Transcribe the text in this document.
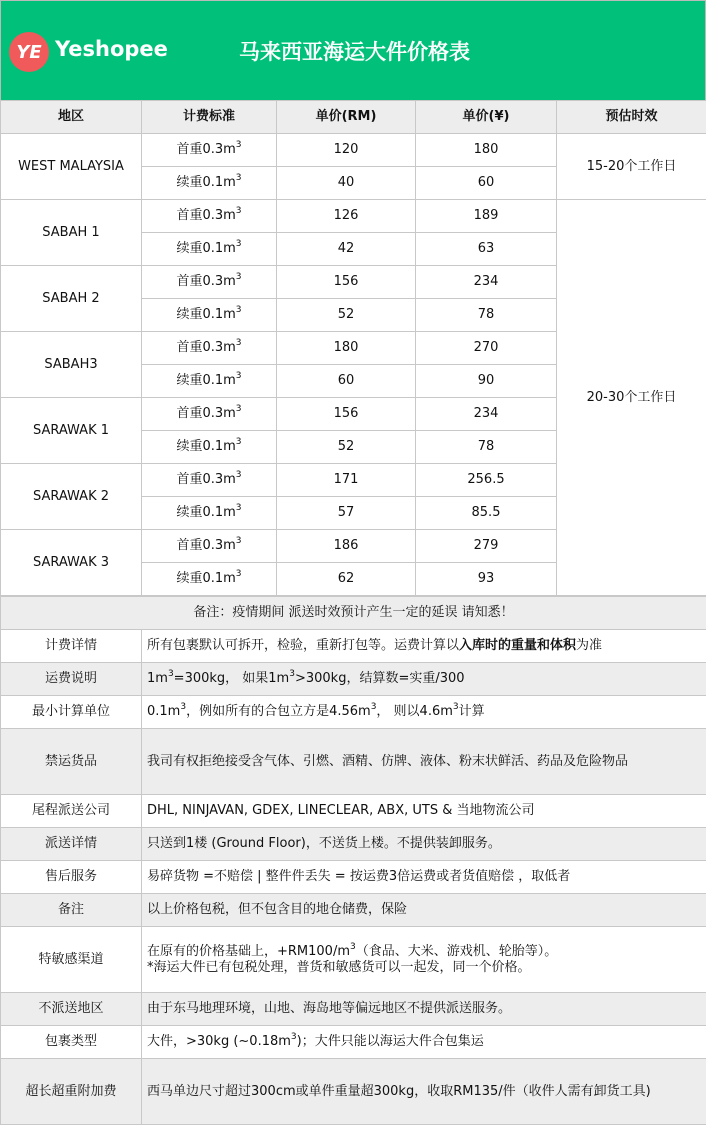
YE Yeshopee	马来西亚海运大件价格表
地区	计费标准	单价(RM)	单价(¥)	预估时效
WEST MALAYSIA	首重$0.3m^3$	120	180	15-20个工作日
	续重$0.1m^3$	40	60	
SABAH 1	首重$0.3m^3$	126	189	20-30个工作日
	续重$0.1m^3$	42	63	
SABAH 2	首重$0.3m^3$	156	234	
	续重$0.1m^3$	52	78	
SABAH3	首重$0.3m^3$	180	270	
	续重$0.1m^3$	60	90	
SARAWAK 1	首重$0.3m^3$	156	234	
	续重$0.1m^3$	52	78	
SARAWAK 2	首重$0.3m^3$	171	256.5	
	续重$0.1m^3$	57	85.5	
SARAWAK 3	首重$0.3m^3$	186	279	
	续重$0.1m^3$	62	93	
备注：疫情期间 派送时效预计产生一定的延误 请知悉！	
计费详情	所有包裹默认可拆开，检验，重新打包等。运费计算以入库时的重量和体积为准
运费说明	$1m^3=300kg$， 如果$1m^3>300kg$，结算数=实重/300
最小计算单位	$0.1m^3$，例如所有的合包立方是$4.56m^3$， 则以$4.6m^3$计算
禁运货品	我司有权拒绝接受含气体、引燃、酒精、仿牌、液体、粉末状鲜活、药品及危险物品
尾程派送公司	DHL, NINJAVAN, GDEX, LINECLEAR, ABX, UTS & 当地物流公司
派送详情	只送到1楼 (Ground Floor)，不送货上楼。不提供装卸服务。
售后服务	易碎货物 =不赔偿 | 整件件丢失 = 按运费3倍运费或者货值赔偿 ，取低者
备注	以上价格包税，但不包含目的地仓储费，保险
特敏感渠道	在原有的价格基础上，$+RM100/m^3$（食品、大米、游戏机、轮胎等）。
*海运大件已有包税处理，普货和敏感货可以一起发，同一个价格。
不派送地区	由于东马地理环境，山地、海岛地等偏远地区不提供派送服务。
包裹类型	大件，>30kg $(\sim 0.18m^3)$；大件只能以海运大件合包集运
超长超重附加费	西马单边尺寸超过300cm或单件重量超300kg，收取RM135/件（收件人需有卸货工具)
